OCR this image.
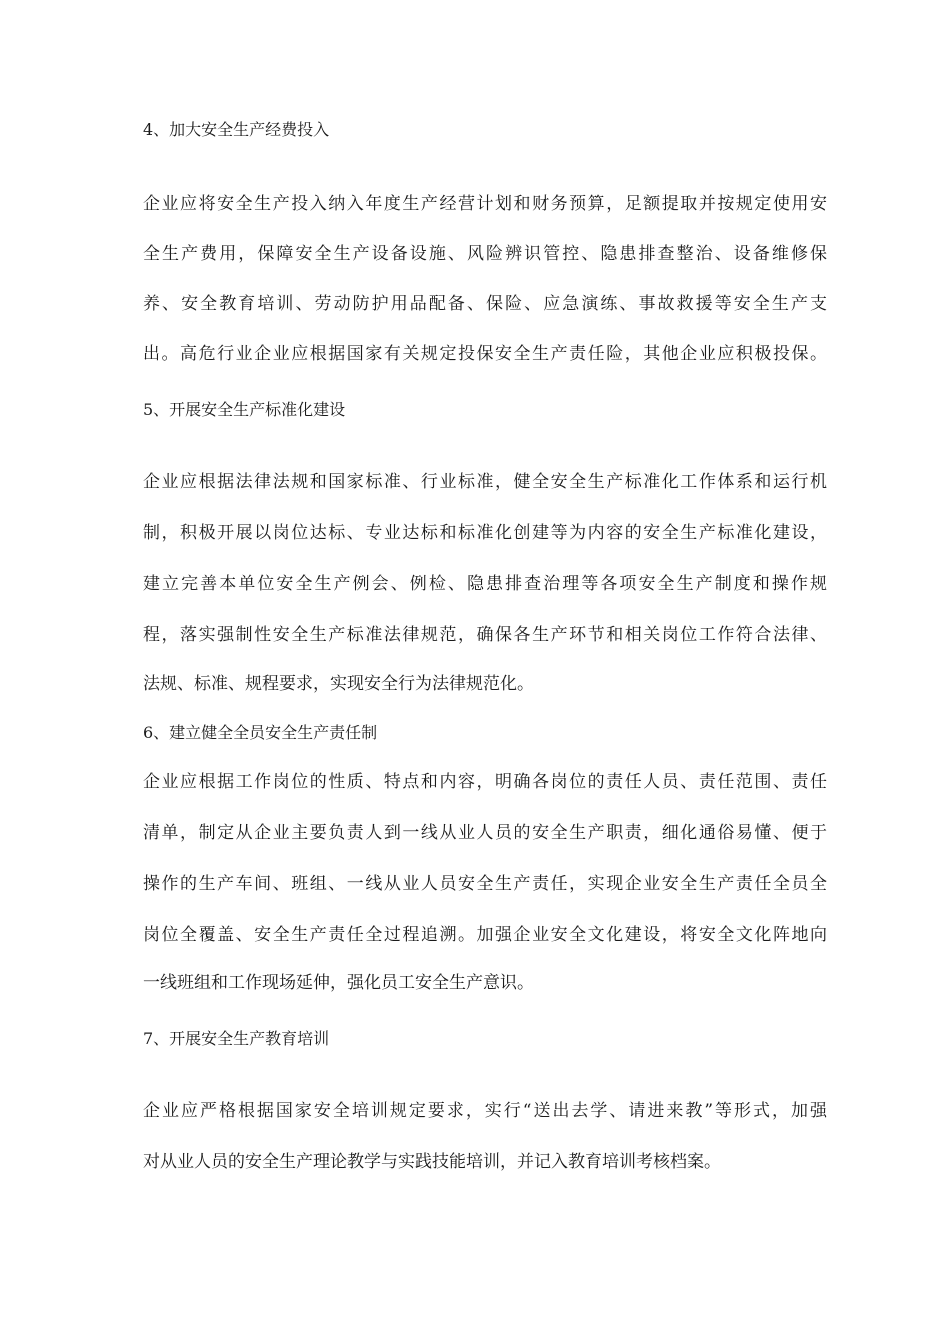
4、加大安全生产经费投入
企业应将安全生产投入纳入年度生产经营计划和财务预算，足额提取并按规定使用安
全生产费用，保障安全生产设备设施、风险辨识管控、隐患排查整治、设备维修保
养、安全教育培训、劳动防护用品配备、保险、应急演练、事故救援等安全生产支
出。高危行业企业应根据国家有关规定投保安全生产责任险，其他企业应积极投保。
5、开展安全生产标准化建设
企业应根据法律法规和国家标准、行业标准，健全安全生产标准化工作体系和运行机
制，积极开展以岗位达标、专业达标和标准化创建等为内容的安全生产标准化建设，
建立完善本单位安全生产例会、例检、隐患排查治理等各项安全生产制度和操作规
程，落实强制性安全生产标准法律规范，确保各生产环节和相关岗位工作符合法律、
法规、标准、规程要求，实现安全行为法律规范化。
6、建立健全全员安全生产责任制
企业应根据工作岗位的性质、特点和内容，明确各岗位的责任人员、责任范围、责任
清单，制定从企业主要负责人到一线从业人员的安全生产职责，细化通俗易懂、便于
操作的生产车间、班组、一线从业人员安全生产责任，实现企业安全生产责任全员全
岗位全覆盖、安全生产责任全过程追溯。加强企业安全文化建设，将安全文化阵地向
一线班组和工作现场延伸，强化员工安全生产意识。
7、开展安全生产教育培训
企业应严格根据国家安全培训规定要求，实行“送出去学、请进来教”等形式，加强
对从业人员的安全生产理论教学与实践技能培训，并记入教育培训考核档案。
